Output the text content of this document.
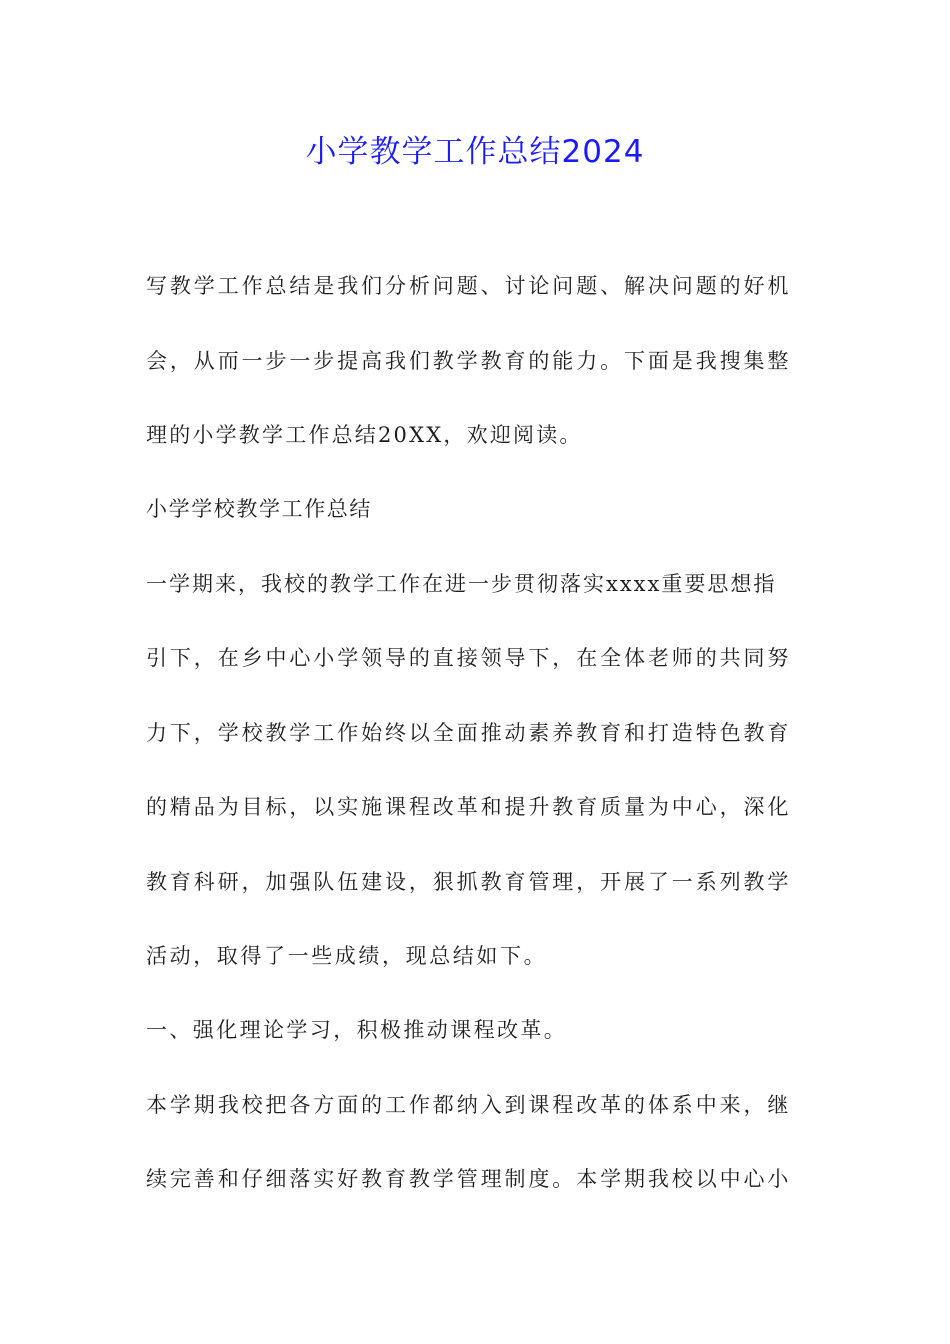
小学教学工作总结2024
写教学工作总结是我们分析问题、讨论问题、解决问题的好机
会，从而一步一步提高我们教学教育的能力。下面是我搜集整
理的小学教学工作总结20XX，欢迎阅读。
小学学校教学工作总结
一学期来，我校的教学工作在进一步贯彻落实xxxx重要思想指
引下，在乡中心小学领导的直接领导下，在全体老师的共同努
力下，学校教学工作始终以全面推动素养教育和打造特色教育
的精品为目标，以实施课程改革和提升教育质量为中心，深化
教育科研，加强队伍建设，狠抓教育管理，开展了一系列教学
活动，取得了一些成绩，现总结如下。
一、强化理论学习，积极推动课程改革。
本学期我校把各方面的工作都纳入到课程改革的体系中来，继
续完善和仔细落实好教育教学管理制度。本学期我校以中心小
